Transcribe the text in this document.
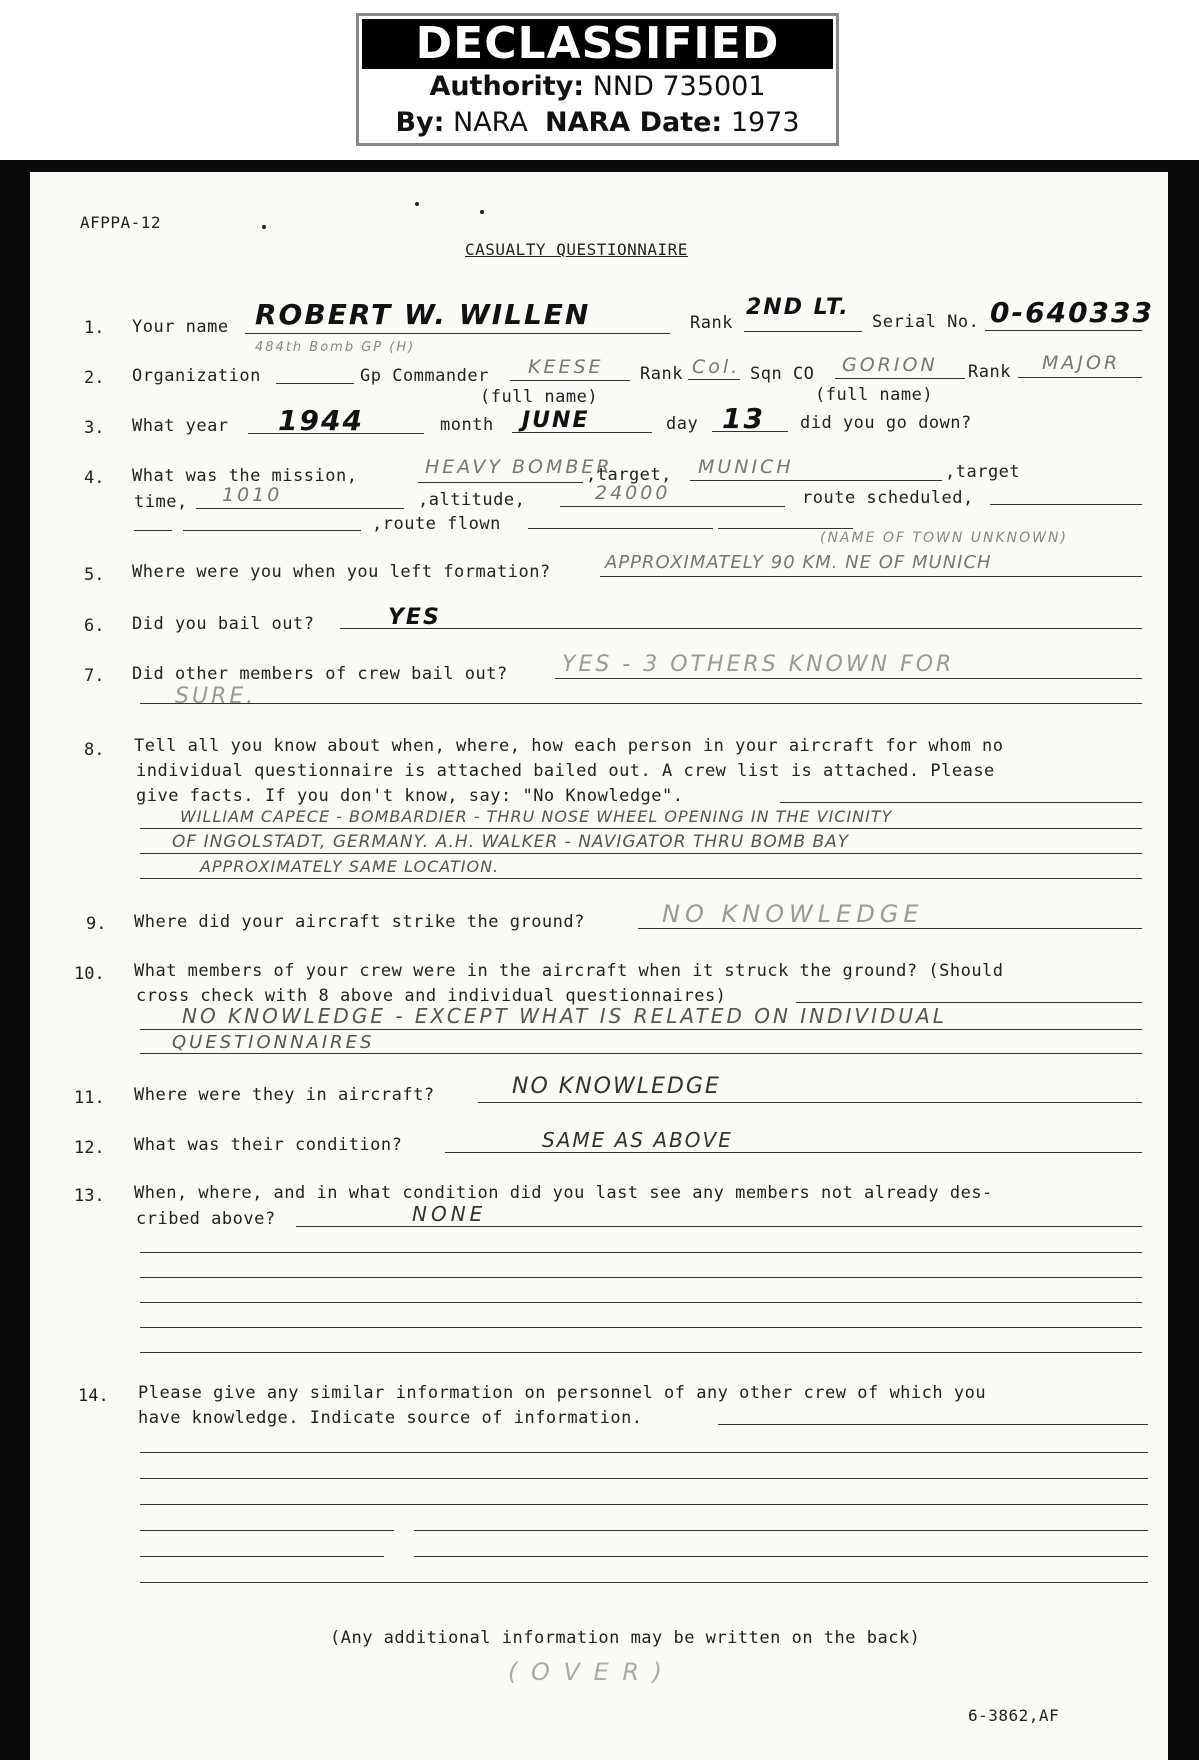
DECLASSIFIED
Authority: NND 735001
By: NARA NARA Date: 1973
AFPPA-12
CASUALTY QUESTIONNAIRE
1. Your name ROBERT W. WILLEN
484th Bomb GP (H)
Rank
2ND LT.
Serial No. 0-640333
2. Organization	Gp Commander KEESE Rank Col. Sqn CO GORION Rank MAJOR
(full name)	(full name)
3. What year 1944	month JUNE	day 13 did you go down?
4. What was the mission,	HEAVY BOMBER
,target, MUNICH	,target
time, 1010	,altitude,	24000	route scheduled,
,route flown
(NAME OF TOWN UNKNOWN)
5. Where were you when you left formation?	APPROXIMATELY 90 KM. NE OF MUNICH
6. Did you bail out?	YES
7. Did other members of crew bail out? YES - 3 OTHERS KNOWN FOR
SURE.
8. Tell all you know about when, where, how each person in your aircraft for whom no
individual questionnaire is attached bailed out. A crew list is attached. Please
give facts. If you don't know, say: "No Knowledge".
WILLIAM CAPECE - BOMBARDIER - THRU NOSE WHEEL OPENING IN THE VICINITY
OF INGOLSTADT, GERMANY. A.H. WALKER - NAVIGATOR THRU BOMB BAY
APPROXIMATELY SAME LOCATION.
9. Where did your aircraft strike the ground?	NO KNOWLEDGE
10. What members of your crew were in the aircraft when it struck the ground? (Should
cross check with 8 above and individual questionnaires)
NO KNOWLEDGE - EXCEPT WHAT IS RELATED ON INDIVIDUAL
QUESTIONNAIRES
11. Where were they in aircraft?	NO KNOWLEDGE
12. What was their condition?	SAME AS ABOVE
13. When, where, and in what condition did you last see any members not already des-
cribed above?	NONE
14. Please give any similar information on personnel of any other crew of which you
have knowledge. Indicate source of information.
(Any additional information may be written on the back)
( O V E R )
6-3862,AF
